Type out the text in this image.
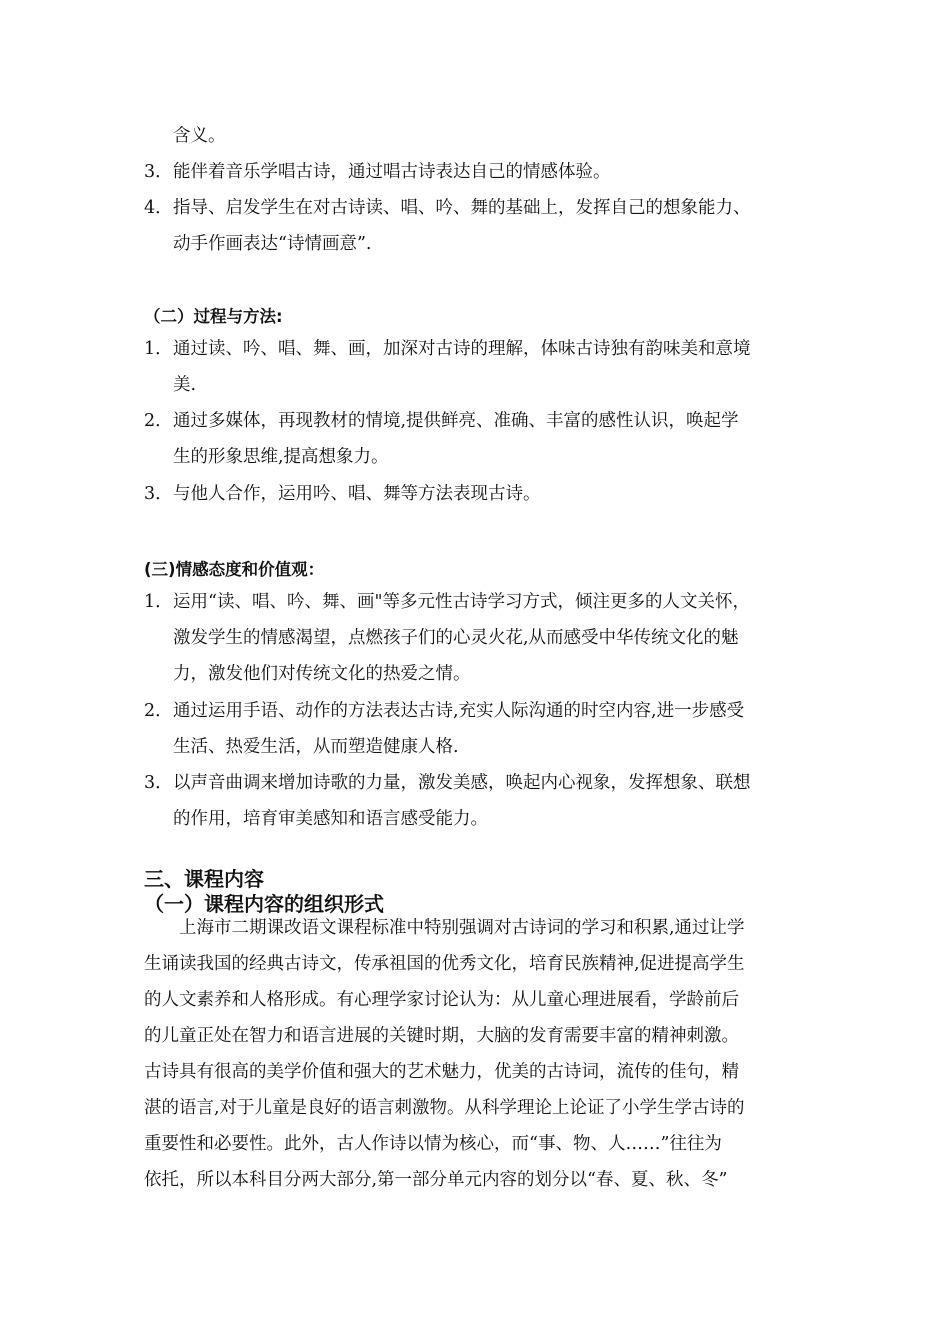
含义。
3． 能伴着音乐学唱古诗，通过唱古诗表达自己的情感体验。
4． 指导、启发学生在对古诗读、唱、吟、舞的基础上，发挥自己的想象能力、
动手作画表达“诗情画意”.
（二）过程与方法:
1． 通过读、吟、唱、舞、画，加深对古诗的理解，体味古诗独有韵味美和意境
美.
2． 通过多媒体，再现教材的情境,提供鲜亮、准确、丰富的感性认识，唤起学
生的形象思维,提高想象力。
3． 与他人合作，运用吟、唱、舞等方法表现古诗。
(三)情感态度和价值观：
1． 运用“读、唱、吟、舞、画"等多元性古诗学习方式，倾注更多的人文关怀，
激发学生的情感渴望，点燃孩子们的心灵火花,从而感受中华传统文化的魅
力，激发他们对传统文化的热爱之情。
2． 通过运用手语、动作的方法表达古诗,充实人际沟通的时空内容,进一步感受
生活、热爱生活，从而塑造健康人格.
3． 以声音曲调来增加诗歌的力量，激发美感，唤起内心视象，发挥想象、联想
的作用，培育审美感知和语言感受能力。
三、课程内容
（一）课程内容的组织形式
　　上海市二期课改语文课程标准中特别强调对古诗词的学习和积累,通过让学
生诵读我国的经典古诗文，传承祖国的优秀文化，培育民族精神,促进提高学生
的人文素养和人格形成。有心理学家讨论认为：从儿童心理进展看，学龄前后
的儿童正处在智力和语言进展的关键时期，大脑的发育需要丰富的精神刺激。
古诗具有很高的美学价值和强大的艺术魅力，优美的古诗词，流传的佳句，精
湛的语言,对于儿童是良好的语言刺激物。从科学理论上论证了小学生学古诗的
重要性和必要性。此外，古人作诗以情为核心，而“事、物、人……”往往为
依托，所以本科目分两大部分,第一部分单元内容的划分以“春、夏、秋、冬”
